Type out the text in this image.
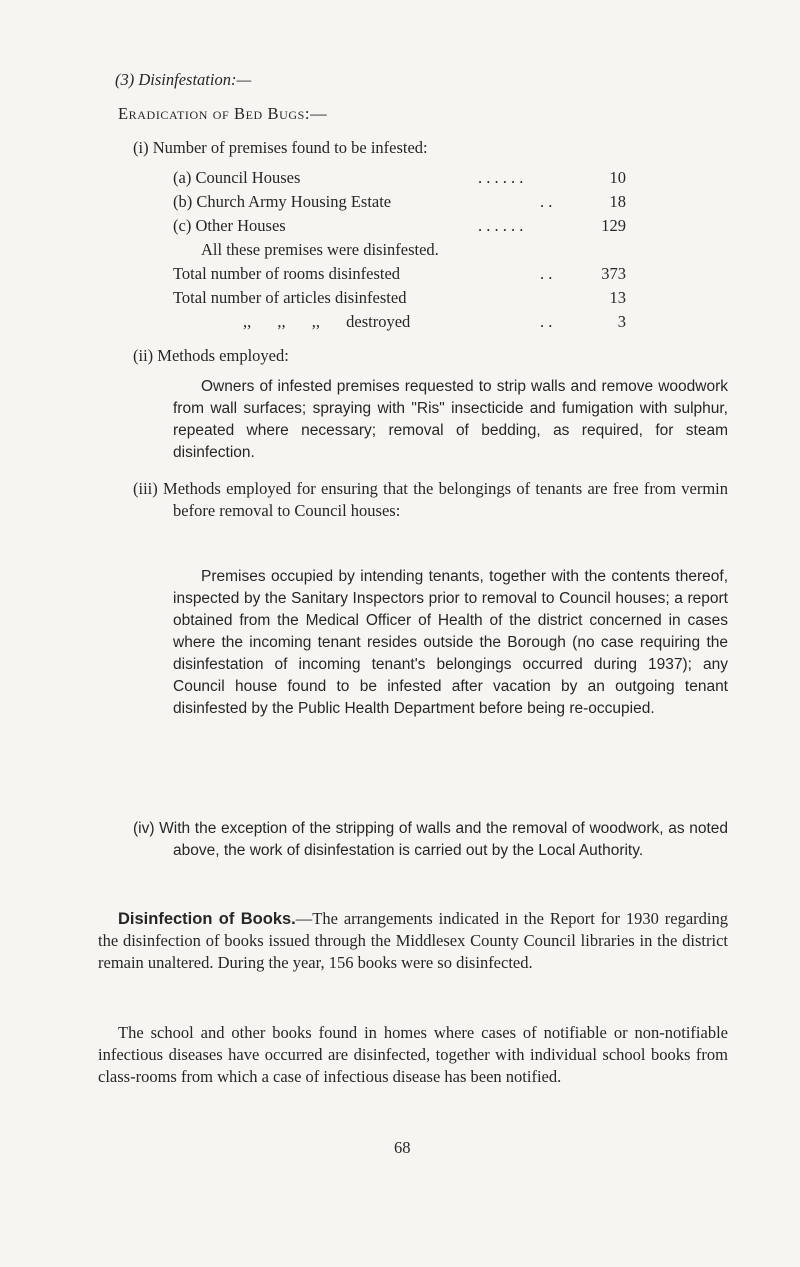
(3) Disinfestation:—
Eradication of Bed Bugs:—
(i) Number of premises found to be infested:
(a) Council Houses	. . . . . .	10
(b) Church Army Housing Estate	. .	18
(c) Other Houses	. . . . . .	129
All these premises were disinfested.
Total number of rooms disinfested	. .	373
Total number of articles disinfested	13
,, ,, ,, destroyed	. .	3
(ii) Methods employed:
Owners of infested premises requested to strip walls and remove woodwork from wall surfaces; spraying with "Ris" insecticide and fumigation with sulphur, repeated where necessary; removal of bedding, as required, for steam disinfection.
(iii) Methods employed for ensuring that the belongings of tenants are free from vermin before removal to Council houses:
Premises occupied by intending tenants, together with the contents thereof, inspected by the Sanitary Inspectors prior to removal to Council houses; a report obtained from the Medical Officer of Health of the district concerned in cases where the incoming tenant resides outside the Borough (no case requiring the disinfestation of incoming tenant's belongings occurred during 1937); any Council house found to be infested after vacation by an outgoing tenant disinfested by the Public Health Department before being re-occupied.
(iv) With the exception of the stripping of walls and the removal of woodwork, as noted above, the work of disinfestation is carried out by the Local Authority.
Disinfection of Books.—The arrangements indicated in the Report for 1930 regarding the disinfection of books issued through the Middlesex County Council libraries in the district remain unaltered. During the year, 156 books were so disinfected.
The school and other books found in homes where cases of notifiable or non-notifiable infectious diseases have occurred are disinfected, together with individual school books from class-rooms from which a case of infectious disease has been notified.
68
